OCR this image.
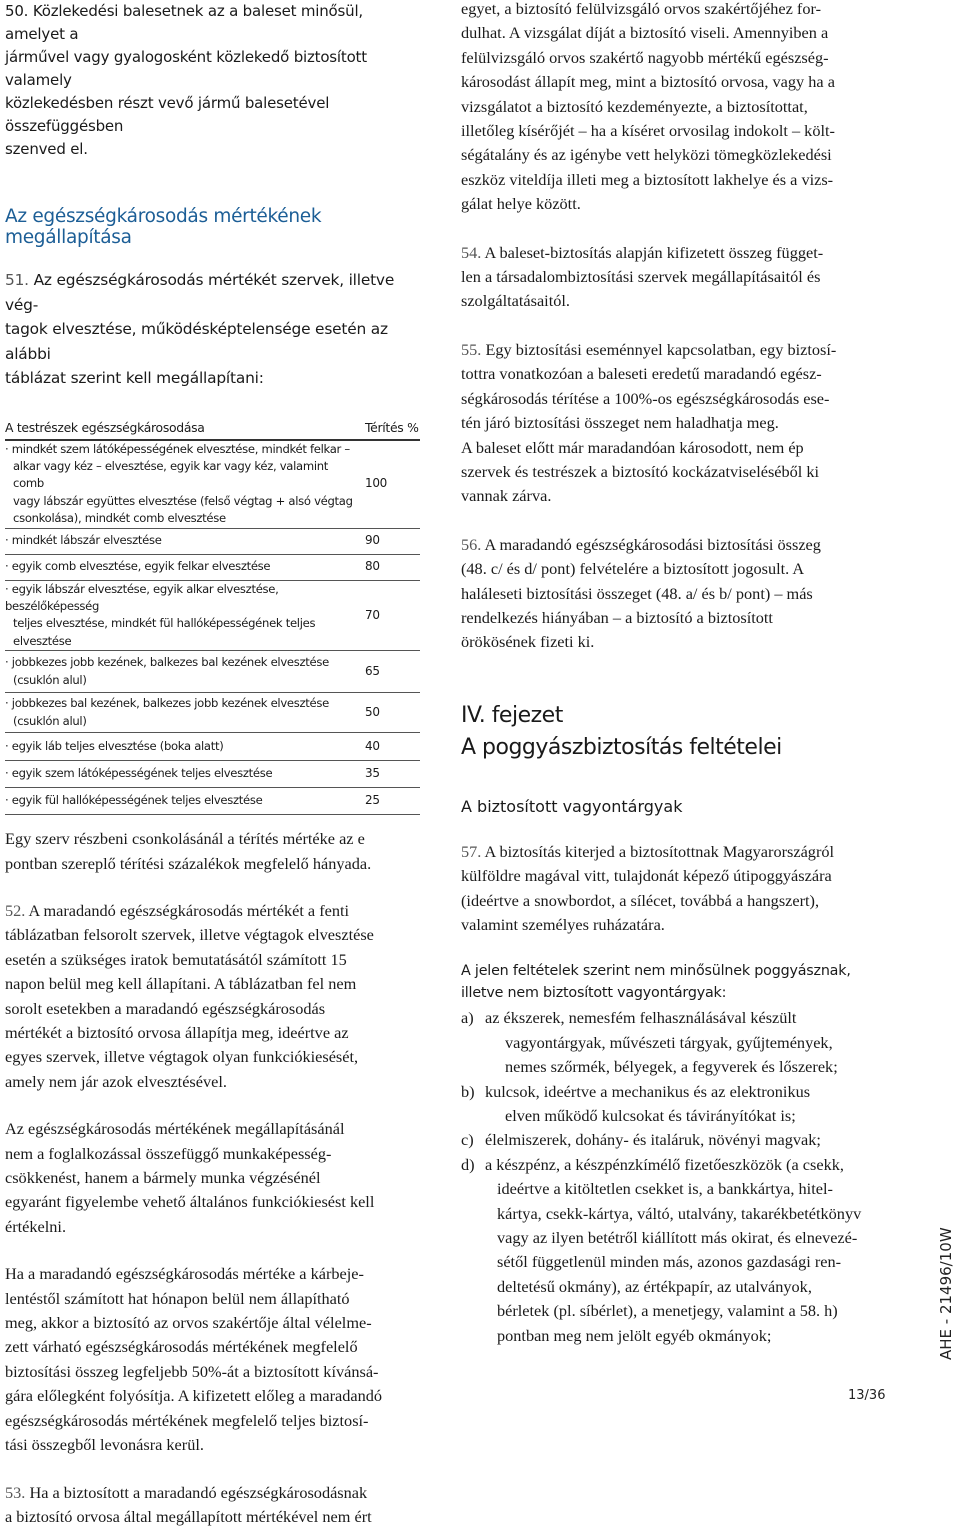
50. Közlekedési balesetnek az a baleset minősül, amelyet a
járművel vagy gyalogosként közlekedő biztosított valamely
közlekedésben részt vevő jármű balesetével összefüggésben
szenved el.

Az egészségkárosodás mértékének megállapítása

51. Az egészségkárosodás mértékét szervek, illetve vég-
tagok elvesztése, működésképtelensége esetén az alábbi
táblázat szerint kell megállapítani:

A testrészek egészségkárosodása	Térítés %

· mindkét szem látóképességének elvesztése, mindkét felkar –
alkar vagy kéz – elvesztése, egyik kar vagy kéz, valamint comb
vagy lábszár együttes elvesztése (felső végtag + alsó végtag
csonkolása), mindkét comb elvesztése	100

· mindkét lábszár elvesztése	90

· egyik comb elvesztése, egyik felkar elvesztése	80

· egyik lábszár elvesztése, egyik alkar elvesztése, beszélőképesség
teljes elvesztése, mindkét fül hallóképességének teljes elvesztése	70

· jobbkezes jobb kezének, balkezes bal kezének elvesztése
(csuklón alul)	65

· jobbkezes bal kezének, balkezes jobb kezének elvesztése
(csuklón alul)	50

· egyik láb teljes elvesztése (boka alatt)	40

· egyik szem látóképességének teljes elvesztése	35

· egyik fül hallóképességének teljes elvesztése	25

Egy szerv részbeni csonkolásánál a térítés mértéke az e
pontban szereplő térítési százalékok megfelelő hányada.

52. A maradandó egészségkárosodás mértékét a fenti
táblázatban felsorolt szervek, illetve végtagok elvesztése
esetén a szükséges iratok bemutatásától számított 15
napon belül meg kell állapítani. A táblázatban fel nem
sorolt esetekben a maradandó egészségkárosodás
mértékét a biztosító orvosa állapítja meg, ideértve az
egyes szervek, illetve végtagok olyan funkciókiesését,
amely nem jár azok elvesztésével.

Az egészségkárosodás mértékének megállapításánál
nem a foglalkozással összefüggő munkaképesség-
csökkenést, hanem a bármely munka végzésénél
egyaránt figyelembe vehető általános funkciókiesést kell
értékelni.

Ha a maradandó egészségkárosodás mértéke a kárbeje-
lentéstől számított hat hónapon belül nem állapítható
meg, akkor a biztosító az orvos szakértője által vélelme-
zett várható egészségkárosodás mértékének megfelelő
biztosítási összeg legfeljebb 50%-át a biztosított kívánsá-
gára előlegként folyósítja. A kifizetett előleg a maradandó
egészségkárosodás mértékének megfelelő teljes biztosí-
tási összegből levonásra kerül.

53. Ha a biztosított a maradandó egészségkárosodásnak
a biztosító orvosa által megállapított mértékével nem ért

egyet, a biztosító felülvizsgáló orvos szakértőjéhez for-
dulhat. A vizsgálat díját a biztosító viseli. Amennyiben a
felülvizsgáló orvos szakértő nagyobb mértékű egészség-
károsodást állapít meg, mint a biztosító orvosa, vagy ha a
vizsgálatot a biztosító kezdeményezte, a biztosítottat,
illetőleg kísérőjét – ha a kíséret orvosilag indokolt – költ-
ségátalány és az igénybe vett helyközi tömegközlekedési
eszköz viteldíja illeti meg a biztosított lakhelye és a vizs-
gálat helye között.

54. A baleset-biztosítás alapján kifizetett összeg függet-
len a társadalombiztosítási szervek megállapításaitól és
szolgáltatásaitól.

55. Egy biztosítási eseménnyel kapcsolatban, egy biztosí-
tottra vonatkozóan a baleseti eredetű maradandó egész-
ségkárosodás térítése a 100%-os egészségkárosodás ese-
tén járó biztosítási összeget nem haladhatja meg.
A baleset előtt már maradandóan károsodott, nem ép
szervek és testrészek a biztosító kockázatviseléséből ki
vannak zárva.

56. A maradandó egészségkárosodási biztosítási összeg
(48. c/ és d/ pont) felvételére a biztosított jogosult. A
haláleseti biztosítási összeget (48. a/ és b/ pont) – más
rendelkezés hiányában – a biztosító a biztosított
örökösének fizeti ki.

IV. fejezet
A poggyászbiztosítás feltételei
A biztosított vagyontárgyak

57. A biztosítás kiterjed a biztosítottnak Magyarországról
külföldre magával vitt, tulajdonát képező útipoggyászára
(ideértve a snowbordot, a sílécet, továbbá a hangszert),
valamint személyes ruházatára.

A jelen feltételek szerint nem minősülnek poggyásznak,
illetve nem biztosított vagyontárgyak:

a) az ékszerek, nemesfém felhasználásával készült
vagyontárgyak, művészeti tárgyak, gyűjtemények,
nemes szőrmék, bélyegek, a fegyverek és lőszerek;
b) kulcsok, ideértve a mechanikus és az elektronikus
elven működő kulcsokat és távirányítókat is;
c) élelmiszerek, dohány- és italáruk, növényi magvak;
d) a készpénz, a készpénzkímélő fizetőeszközök (a csekk,
ideértve a kitöltetlen csekket is, a bankkártya, hitel-
kártya, csekk-kártya, váltó, utalvány, takarékbetétkönyv
vagy az ilyen betétről kiállított más okirat, és elnevezé-
sétől függetlenül minden más, azonos gazdasági ren-
deltetésű okmány), az értékpapír, az utalványok,
bérletek (pl. síbérlet), a menetjegy, valamint a 58. h)
pontban meg nem jelölt egyéb okmányok;	AHE - 21496/10W
13/36
